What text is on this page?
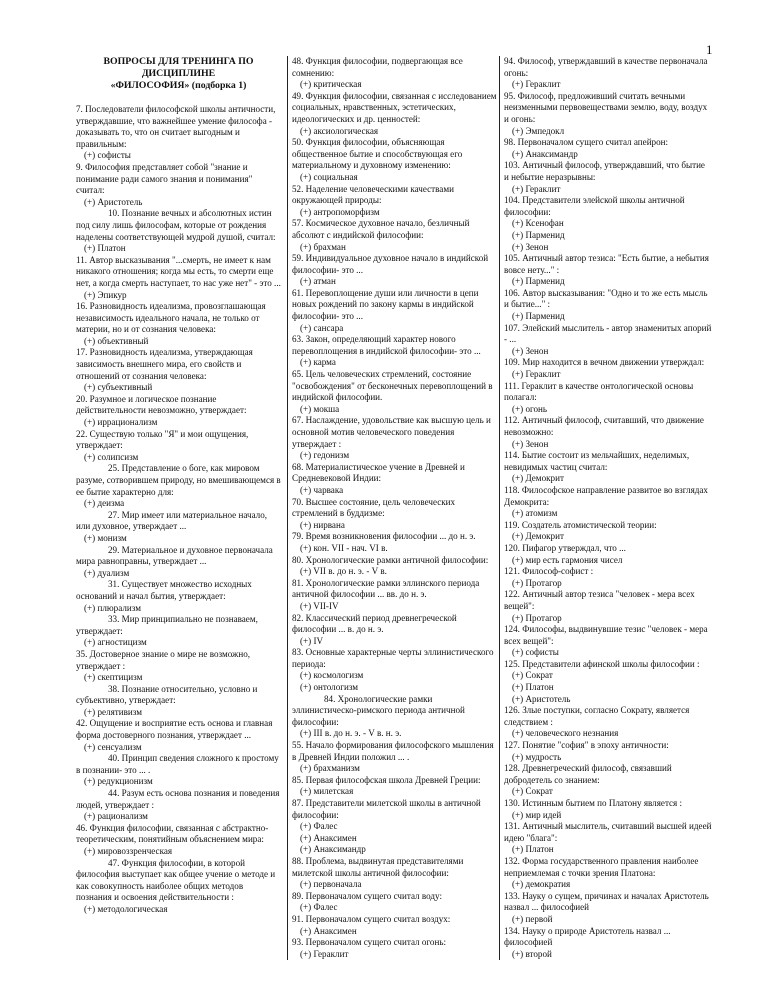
1

ВОПРОСЫ ДЛЯ ТРЕНИНГА ПО

ДИСЦИПЛИНЕ

«ФИЛОСОФИЯ» (подборка 1)

7. Последователи философской школы античности, утверждавшие, что важнейшее умение философа - доказывать то, что он считает выгодным и правильным:

(+) софисты

9. Философия представляет собой "знание и понимание ради самого знания и понимания" считал:

(+) Аристотель

10. Познание вечных и абсолютных истин под силу лишь философам, которые от рождения наделены соответствующей мудрой душой, считал:

(+) Платон

11. Автор высказывания "...смерть, не имеет к нам никакого отношения; когда мы есть, то смерти еще нет, а когда смерть наступает, то нас уже нет" - это ...

(+) Эпикур

16. Разновидность идеализма, провозглашающая независимость идеального начала, не только от материи, но и от сознания человека:

(+) объективный

17. Разновидность идеализма, утверждающая зависимость внешнего мира, его свойств и отношений от сознания человека:

(+) субъективный

20. Разумное и логическое познание действительности невозможно, утверждает:

(+) иррационализм

22. Существую только "Я" и мои ощущения, утверждает:

(+) солипсизм

25. Представление о боге, как мировом разуме, сотворившем природу, но вмешивающемся в ее бытие характерно для:

(+) деизма

27. Мир имеет или материальное начало, или духовное, утверждает ...

(+) монизм

29. Материальное и духовное первоначала мира равноправны, утверждает ...

(+) дуализм

31. Существует множество исходных оснований и начал бытия, утверждает:

(+) плюрализм

33. Мир принципиально не познаваем, утверждает:

(+) агностицизм

35. Достоверное знание о мире не возможно, утверждает :

(+) скептицизм

38. Познание относительно, условно и субъективно, утверждает:

(+) релятивизм

42. Ощущение и восприятие есть основа и главная форма достоверного познания, утверждает ...

(+) сенсуализм

40. Принцип сведения сложного к простому в познании- это ... .

(+) редукционизм

44. Разум есть основа познания и поведения людей, утверждает :

(+) рационализм

46. Функция философии, связанная с абстрактно-теоретическим, понятийным объяснением мира:

(+) мировоззренческая

47. Функция философии, в которой философия выступает как общее учение о методе и как совокупность наиболее общих методов познания и освоения действительности :

(+) методологическая

48. Функция философии, подвергающая все сомнению:

(+) критическая

49. Функция философии, связанная с исследованием социальных, нравственных, эстетических, идеологических и др. ценностей:

(+) аксиологическая

50. Функция философии, объясняющая общественное бытие и способствующая его материальному и духовному изменению:

(+) социальная

52. Наделение человеческими качествами окружающей природы:

(+) антропоморфизм

57. Космическое духовное начало, безличный абсолют с индийской философии:

(+) брахман

59. Индивидуальное духовное начало в индийской философии- это ...

(+) атман

61. Перевоплощение души или личности в цепи новых рождений по закону кармы в индийской философии- это ...

(+) сансара

63. Закон, определяющий характер нового перевоплощения в индийской философии- это ...

(+) карма

65. Цель человеческих стремлений, состояние "освобождения" от бесконечных перевоплощений в индийской философии.

(+) мокша

67. Наслаждение, удовольствие как высшую цель и основной мотив человеческого поведения утверждает :

(+) гедонизм

68. Материалистическое учение в Древней и Средневековой Индии:

(+) чарвака

70. Высшее состояние, цель человеческих стремлений в буддизме:

(+) нирвана

79. Время возникновения философии ... до н. э.

(+) кон. VII - нач. VI в.

80. Хронологические рамки античной философии:

(+) VII в. до н. э. - V в.

81. Хронологические рамки эллинского периода античной философии ... вв. до н. э.

(+) VII-IV

82. Классический период древнегреческой философии ... в. до н. э.

(+) IV

83. Основные характерные черты эллинистического периода:

(+) космологизм

(+) онтологизм

84. Хронологические рамки эллинистическо-римского периода античной философии:

(+) III в. до н. э. - V в. н. э.

55. Начало формирования философского мышления в Древней Индии положил ... .

(+) брахманизм

85. Первая философская школа Древней Греции:

(+) милетская

87. Представители милетской школы в античной философии:

(+) Фалес

(+) Анаксимен

(+) Анаксимандр

88. Проблема, выдвинутая представителями милетской школы античной философии:

(+) первоначала

89. Первоначалом сущего считал воду:

(+) Фалес

91. Первоначалом сущего считал воздух:

(+) Анаксимен

93. Первоначалом сущего считал огонь:

(+) Гераклит

94. Философ, утверждавший в качестве первоначала огонь:

(+) Гераклит

95. Философ, предложивший считать вечными неизменными первовеществами землю, воду, воздух и огонь:

(+) Эмпедокл

98. Первоначалом сущего считал апейрон:

(+) Анаксимандр

103. Античный философ, утверждавший, что бытие и небытие неразрывны:

(+) Гераклит

104. Представители элейской школы античной философии:

(+) Ксенофан

(+) Парменид

(+) Зенон

105. Античный автор тезиса: "Есть бытие, а небытия вовсе нету..." :

(+) Парменид

106. Автор высказывания: "Одно и то же есть мысль и бытие..." :

(+) Парменид

107. Элейский мыслитель - автор знаменитых апорий - ...

(+) Зенон

109. Мир находится в вечном движении утверждал:

(+) Гераклит

111. Гераклит в качестве онтологической основы полагал:

(+) огонь

112. Античный философ, считавший, что движение невозможно:

(+) Зенон

114. Бытие состоит из мельчайших, неделимых, невидимых частиц считал:

(+) Демокрит

118. Философское направление развитое во взглядах Демокрита:

(+) атомизм

119. Создатель атомистической теории:

(+) Демокрит

120. Пифагор утверждал, что ...

(+) мир есть гармония чисел

121. Философ-софист :

(+) Протагор

122. Античный автор тезиса "человек - мера всех вещей":

(+) Протагор

124. Философы, выдвинувшие тезис "человек - мера всех вещей":

(+) софисты

125. Представители афинской школы философии :

(+) Сократ

(+) Платон

(+) Аристотель

126. Злые поступки, согласно Сократу, является следствием :

(+) человеческого незнания

127. Понятие "софия" в эпоху античности:

(+) мудрость

128. Древнегреческий философ, связавший добродетель со знанием:

(+) Сократ

130. Истинным бытием по Платону является :

(+) мир идей

131. Античный мыслитель, считавший высшей идеей идею "блага":

(+) Платон

132. Форма государственного правления наиболее неприемлемая с точки зрения Платона:

(+) демократия

133. Науку о сущем, причинах и началах Аристотель назвал ... философией

(+) первой

134. Науку о природе Аристотель назвал ... философией

(+) второй
